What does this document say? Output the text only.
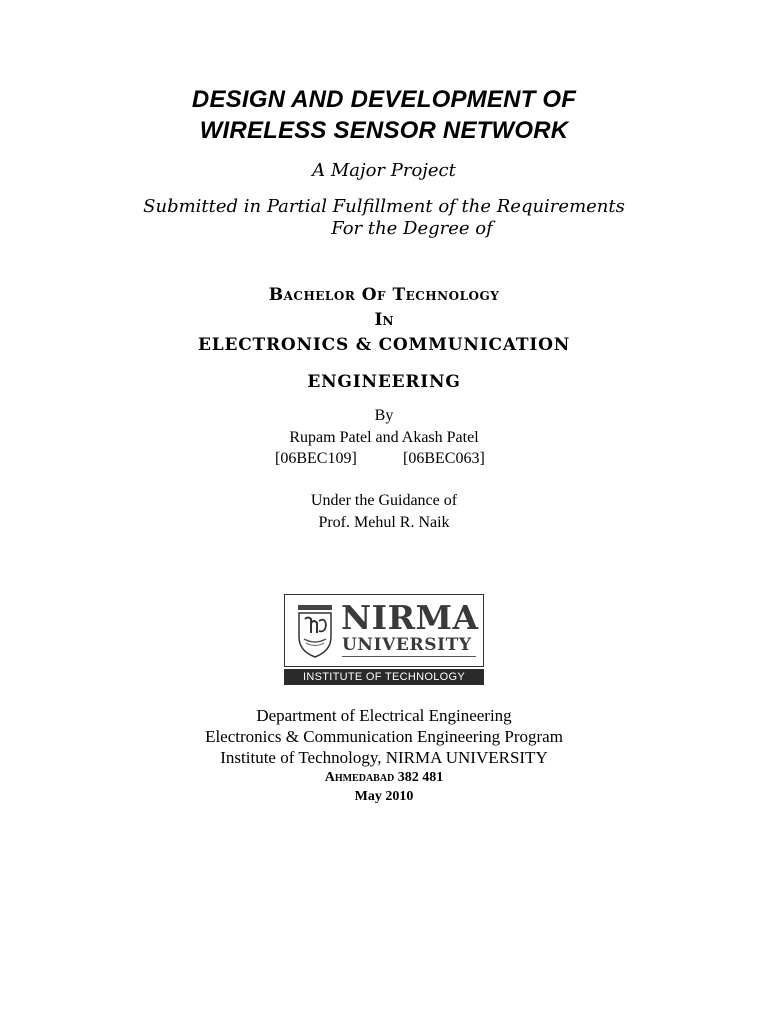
DESIGN AND DEVELOPMENT OF
WIRELESS SENSOR NETWORK
A Major Project
Submitted in Partial Fulfillment of the Requirements
For the Degree of
Bachelor Of Technology
In
ELECTRONICS & COMMUNICATION
ENGINEERING
By
Rupam Patel and Akash Patel
[06BEC109]	[06BEC063]
Under the Guidance of
Prof. Mehul R. Naik
NIRMA
UNIVERSITY
INSTITUTE OF TECHNOLOGY
Department of Electrical Engineering
Electronics & Communication Engineering Program
Institute of Technology, NIRMA UNIVERSITY
Ahmedabad 382 481
May 2010
